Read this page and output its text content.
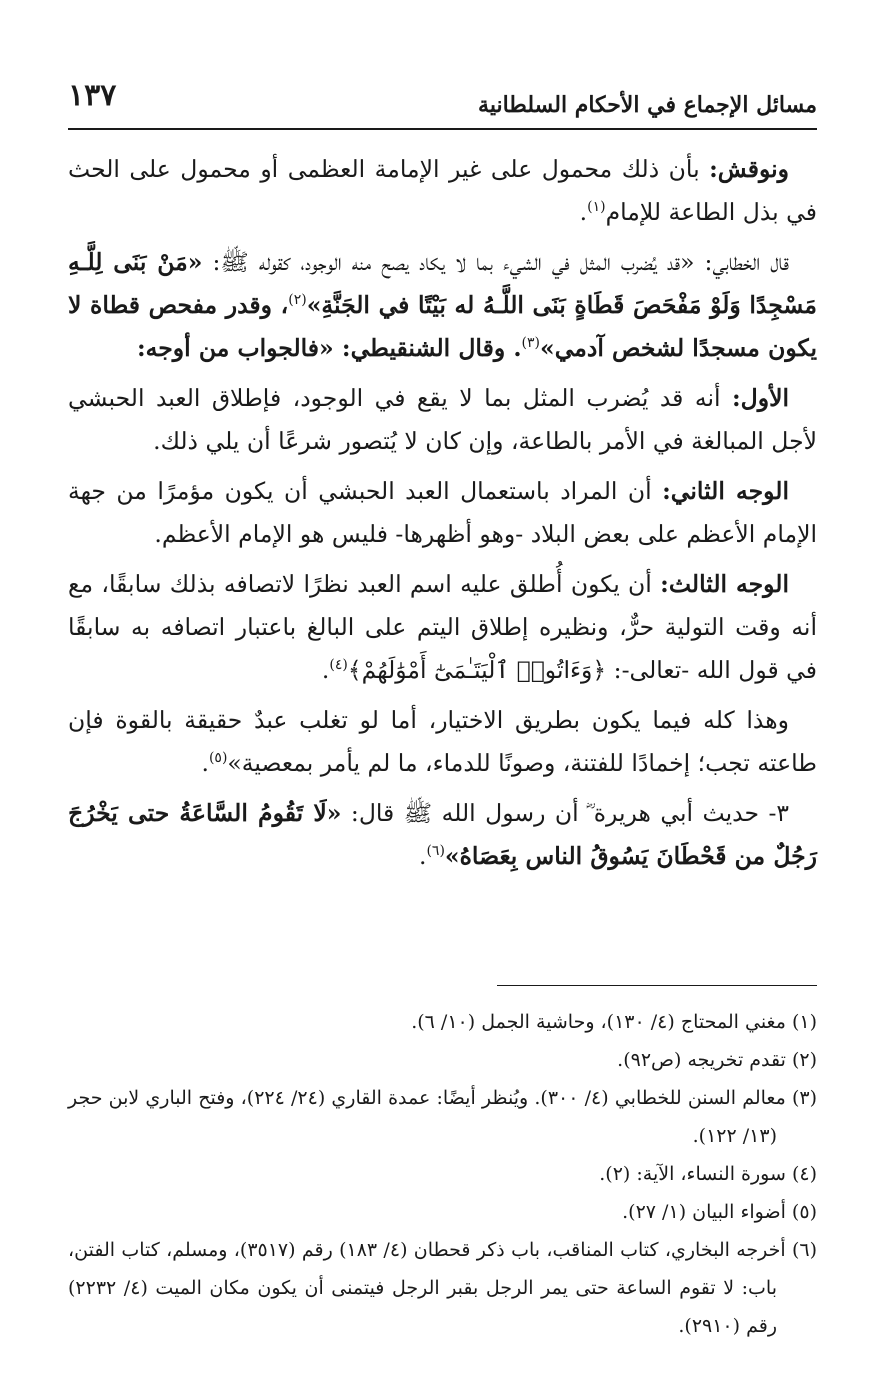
١٣٧	مسائل الإجماع في الأحكام السلطانية

ونوقش: بأن ذلك محمول على غير الإمامة العظمى أو محمول على الحث في بذل الطاعة للإمام$^{(١)}$.

قال الخطابي: «قد يُضرب المثل في الشيء بما لا يكاد يصح منه الوجود، كقوله ﷺ: «مَنْ بَنَى لِلَّـهِ مَسْجِدًا وَلَوْ مَفْحَصَ قَطَاةٍ بَنَى اللَّـهُ له بَيْتًا في الجَنَّةِ»$^{(٢)}$، وقدر مفحص قطاة لا يكون مسجدًا لشخص آدمي»$^{(٣)}$. وقال الشنقيطي: «فالجواب من أوجه:

الأول: أنه قد يُضرب المثل بما لا يقع في الوجود، فإطلاق العبد الحبشي لأجل المبالغة في الأمر بالطاعة، وإن كان لا يُتصور شرعًا أن يلي ذلك.

الوجه الثاني: أن المراد باستعمال العبد الحبشي أن يكون مؤمرًا من جهة الإمام الأعظم على بعض البلاد -وهو أظهرها- فليس هو الإمام الأعظم.

الوجه الثالث: أن يكون أُطلق عليه اسم العبد نظرًا لاتصافه بذلك سابقًا، مع أنه وقت التولية حرٌّ، ونظيره إطلاق اليتم على البالغ باعتبار اتصافه به سابقًا في قول الله -تعالى-: ﴿وَءَاتُوا۟ ٱلْيَتَـٰمَىٰٓ أَمْوَٰلَهُمْ﴾$^{(٤)}$.

وهذا كله فيما يكون بطريق الاختيار، أما لو تغلب عبدٌ حقيقة بالقوة فإن طاعته تجب؛ إخمادًا للفتنة، وصونًا للدماء، ما لم يأمر بمعصية»$^{(٥)}$.

٣- حديث أبي هريرة ؓ أن رسول الله ﷺ قال: «لَا تَقُومُ السَّاعَةُ حتى يَخْرُجَ رَجُلٌ من قَحْطَانَ يَسُوقُ الناس بِعَصَاهُ»$^{(٦)}$.

(١) مغني المحتاج (٤/ ١٣٠)، وحاشية الجمل (١٠/ ٦).

(٢) تقدم تخريجه (ص٩٢).

(٣) معالم السنن للخطابي (٤/ ٣٠٠). ويُنظر أيضًا: عمدة القاري (٢٤/ ٢٢٤)، وفتح الباري لابن حجر (١٣/ ١٢٢).

(٤) سورة النساء، الآية: (٢).

(٥) أضواء البيان (١/ ٢٧).

(٦) أخرجه البخاري، كتاب المناقب، باب ذكر قحطان (٤/ ١٨٣) رقم (٣٥١٧)، ومسلم، كتاب الفتن، باب: لا تقوم الساعة حتى يمر الرجل بقبر الرجل فيتمنى أن يكون مكان الميت (٤/ ٢٢٣٢) رقم (٢٩١٠).
